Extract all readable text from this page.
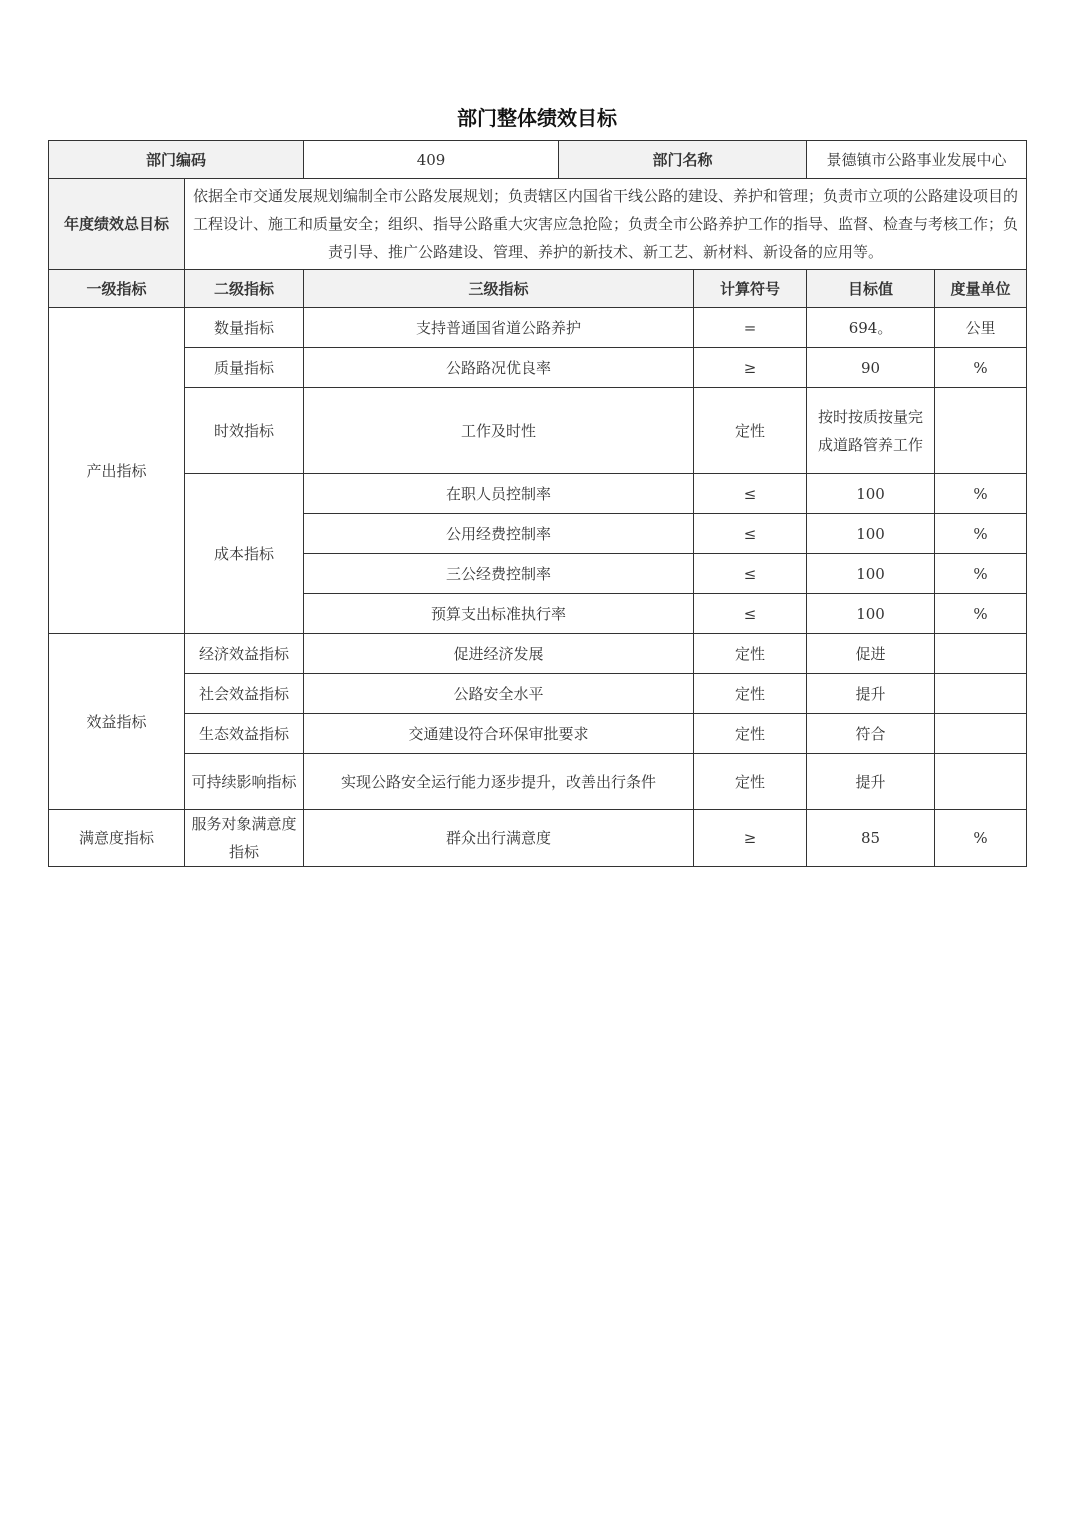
部门整体绩效目标
部门编码		409	部门名称		景德镇市公路事业发展中心	
年度绩效总目标	依据全市交通发展规划编制全市公路发展规划；负责辖区内国省干线公路的建设、养护和管理；负责市立项的公路建设项目的工程设计、施工和质量安全；组织、指导公路重大灾害应急抢险；负责全市公路养护工作的指导、监督、检查与考核工作；负责引导、推广公路建设、管理、养护的新技术、新工艺、新材料、新设备的应用等。					
一级指标	二级指标	三级指标		计算符号	目标值	度量单位
产出指标	数量指标	支持普通国省道公路养护		=	694。	公里
	质量指标	公路路况优良率		≥	90	%
	时效指标	工作及时性		定性	按时按质按量完成道路管养工作	
	成本指标	在职人员控制率		≤	100	%
		公用经费控制率		≤	100	%
		三公经费控制率		≤	100	%
		预算支出标准执行率		≤	100	%
效益指标	经济效益指标	促进经济发展		定性	促进	
	社会效益指标	公路安全水平		定性	提升	
	生态效益指标	交通建设符合环保审批要求		定性	符合	
	可持续影响指标	实现公路安全运行能力逐步提升，改善出行条件		定性	提升	
满意度指标	服务对象满意度指标	群众出行满意度		≥	85	%
